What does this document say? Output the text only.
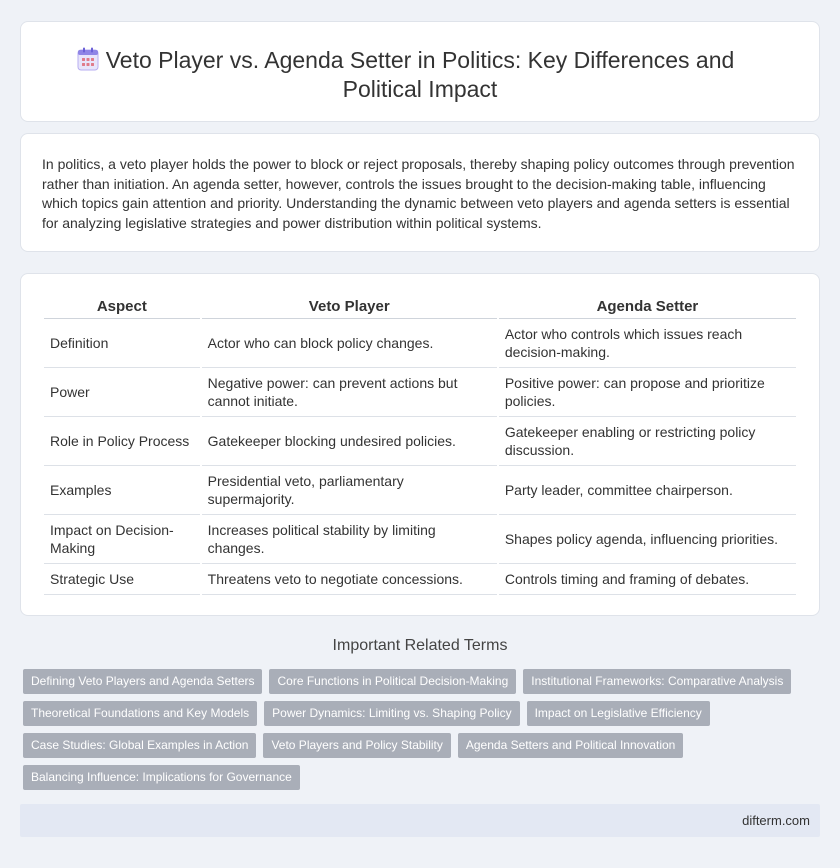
Veto Player vs. Agenda Setter in Politics: Key Differences and Political Impact

In politics, a veto player holds the power to block or reject proposals, thereby shaping policy outcomes through prevention rather than initiation. An agenda setter, however, controls the issues brought to the decision-making table, influencing which topics gain attention and priority. Understanding the dynamic between veto players and agenda setters is essential for analyzing legislative strategies and power distribution within political systems.

Aspect	Veto Player	Agenda Setter
Definition	Actor who can block policy changes.	Actor who controls which issues reach decision-making.
Power	Negative power: can prevent actions but cannot initiate.	Positive power: can propose and prioritize policies.
Role in Policy Process	Gatekeeper blocking undesired policies.	Gatekeeper enabling or restricting policy discussion.
Examples	Presidential veto, parliamentary supermajority.	Party leader, committee chairperson.
Impact on Decision-Making	Increases political stability by limiting changes.	Shapes policy agenda, influencing priorities.
Strategic Use	Threatens veto to negotiate concessions.	Controls timing and framing of debates.
Important Related Terms
Defining Veto Players and Agenda Setters	Core Functions in Political Decision-Making	Institutional Frameworks: Comparative Analysis
Theoretical Foundations and Key Models	Power Dynamics: Limiting vs. Shaping Policy	Impact on Legislative Efficiency
Case Studies: Global Examples in Action	Veto Players and Policy Stability	Agenda Setters and Political Innovation
Balancing Influence: Implications for Governance
difterm.com
